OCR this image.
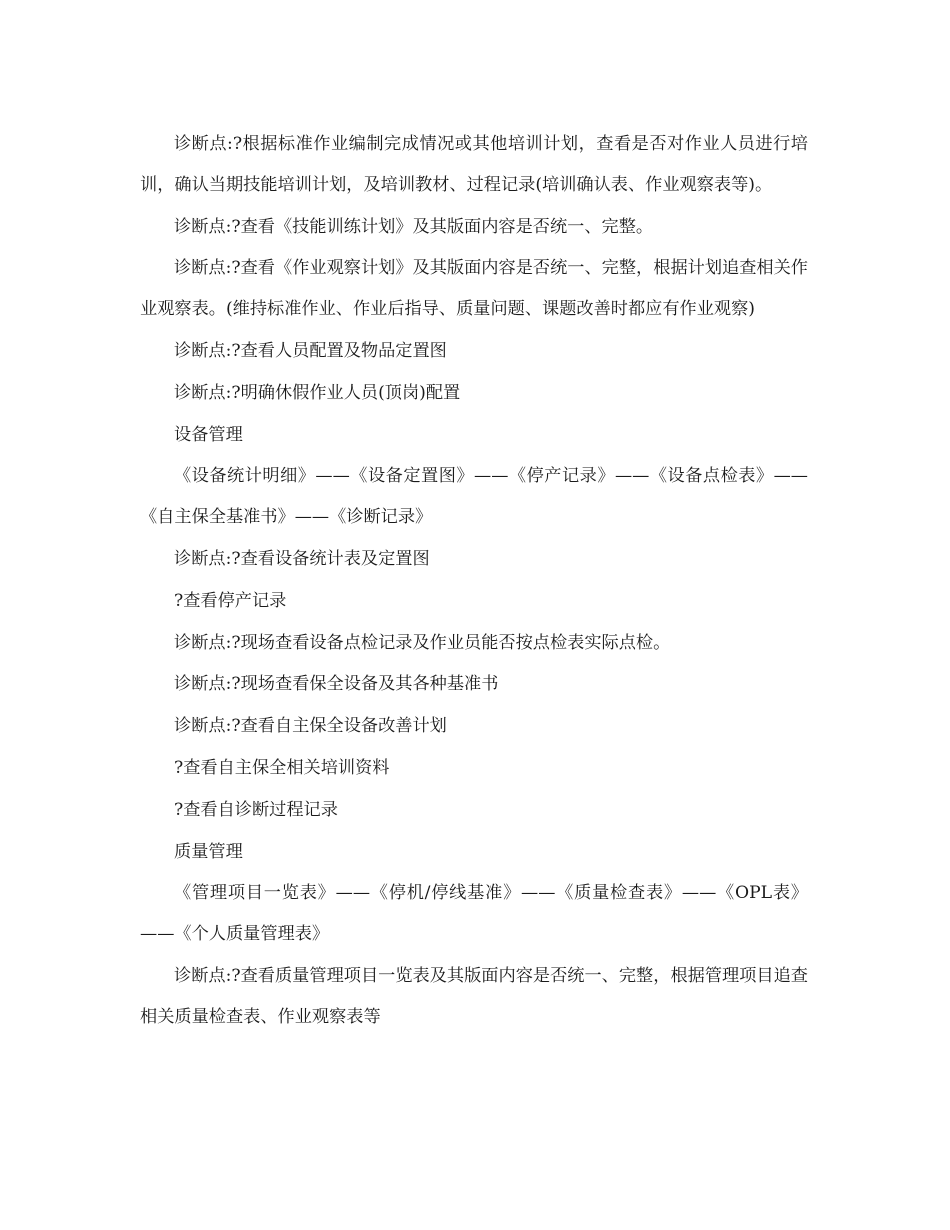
诊断点:?根据标准作业编制完成情况或其他培训计划，查看是否对作业人员进行培训，确认当期技能培训计划，及培训教材、过程记录(培训确认表、作业观察表等)。

诊断点:?查看《技能训练计划》及其版面内容是否统一、完整。

诊断点:?查看《作业观察计划》及其版面内容是否统一、完整，根据计划追查相关作业观察表。(维持标准作业、作业后指导、质量问题、课题改善时都应有作业观察)

诊断点:?查看人员配置及物品定置图

诊断点:?明确休假作业人员(顶岗)配置

设备管理

《设备统计明细》——《设备定置图》——《停产记录》——《设备点检表》——《自主保全基准书》——《诊断记录》

诊断点:?查看设备统计表及定置图

?查看停产记录

诊断点:?现场查看设备点检记录及作业员能否按点检表实际点检。

诊断点:?现场查看保全设备及其各种基准书

诊断点:?查看自主保全设备改善计划

?查看自主保全相关培训资料

?查看自诊断过程记录

质量管理

《管理项目一览表》——《停机/停线基准》——《质量检查表》——《OPL表》——《个人质量管理表》

诊断点:?查看质量管理项目一览表及其版面内容是否统一、完整，根据管理项目追查相关质量检查表、作业观察表等
